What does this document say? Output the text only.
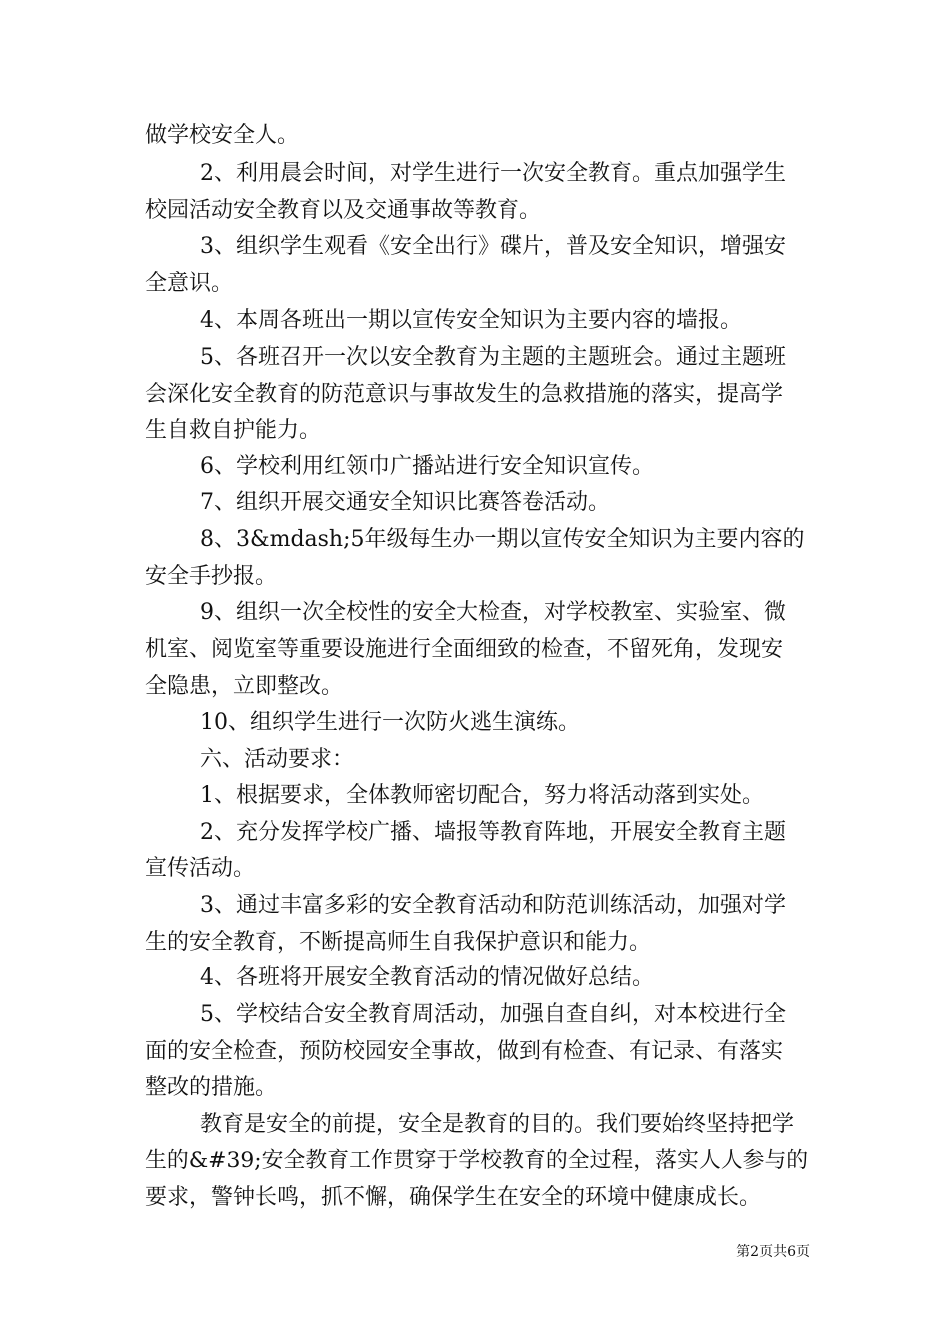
做学校安全人。
2、利用晨会时间，对学生进行一次安全教育。重点加强学生
校园活动安全教育以及交通事故等教育。
3、组织学生观看《安全出行》碟片，普及安全知识，增强安
全意识。
4、本周各班出一期以宣传安全知识为主要内容的墙报。
5、各班召开一次以安全教育为主题的主题班会。通过主题班
会深化安全教育的防范意识与事故发生的急救措施的落实，提高学
生自救自护能力。
6、学校利用红领巾广播站进行安全知识宣传。
7、组织开展交通安全知识比赛答卷活动。
8、3&mdash;5年级每生办一期以宣传安全知识为主要内容的
安全手抄报。
9、组织一次全校性的安全大检查，对学校教室、实验室、微
机室、阅览室等重要设施进行全面细致的检查，不留死角，发现安
全隐患，立即整改。
10、组织学生进行一次防火逃生演练。
六、活动要求：
1、根据要求，全体教师密切配合，努力将活动落到实处。
2、充分发挥学校广播、墙报等教育阵地，开展安全教育主题
宣传活动。
3、通过丰富多彩的安全教育活动和防范训练活动，加强对学
生的安全教育，不断提高师生自我保护意识和能力。
4、各班将开展安全教育活动的情况做好总结。
5、学校结合安全教育周活动，加强自查自纠，对本校进行全
面的安全检查，预防校园安全事故，做到有检查、有记录、有落实
整改的措施。
教育是安全的前提，安全是教育的目的。我们要始终坚持把学
生的&#39;安全教育工作贯穿于学校教育的全过程，落实人人参与的
要求，警钟长鸣，抓不懈，确保学生在安全的环境中健康成长。
第2页共6页
